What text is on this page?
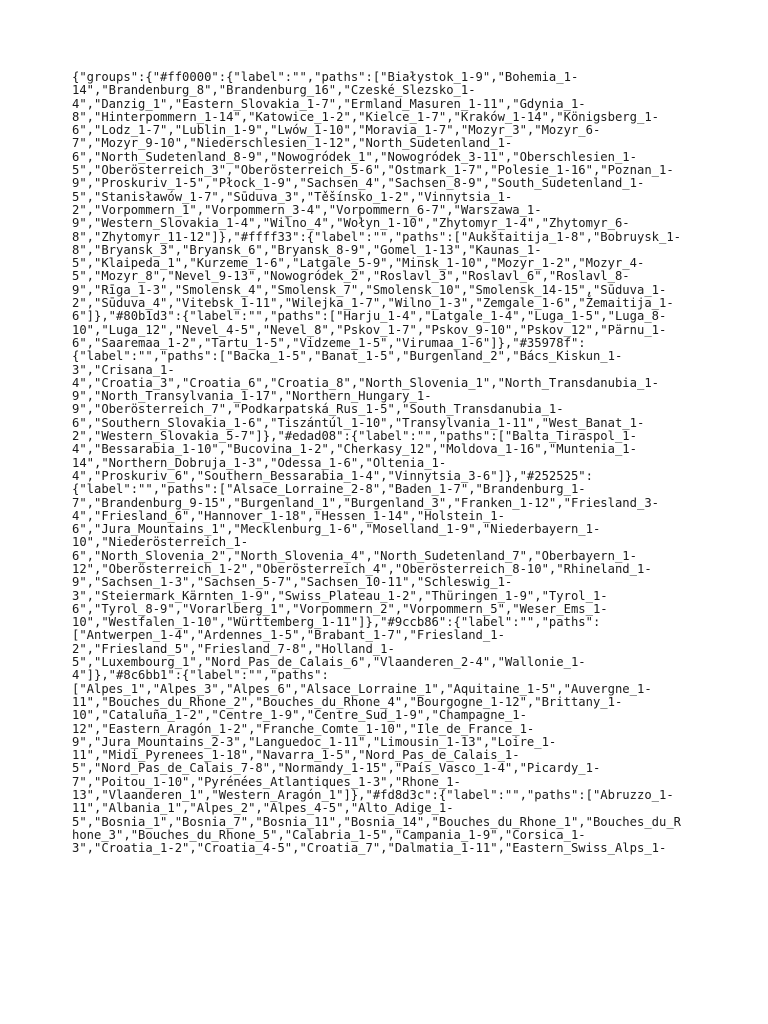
{"groups":{"#ff0000":{"label":"","paths":["Białystok_1-9","Bohemia_1-
14","Brandenburg_8","Brandenburg_16","Czeské_Slezsko_1-
4","Danzig_1","Eastern_Slovakia_1-7","Ermland_Masuren_1-11","Gdynia_1-
8","Hinterpommern_1-14","Katowice_1-2","Kielce_1-7","Kraków_1-14","Königsberg_1-
6","Lodz_1-7","Lublin_1-9","Lwów_1-10","Moravia_1-7","Mozyr_3","Mozyr_6-
7","Mozyr_9-10","Niederschlesien_1-12","North_Sudetenland_1-
6","North_Sudetenland_8-9","Nowogródek_1","Nowogródek_3-11","Oberschlesien_1-
5","Oberösterreich_3","Oberösterreich_5-6","Ostmark_1-7","Polesie_1-16","Poznan_1-
9","Proskuriv_1-5","Płock_1-9","Sachsen_4","Sachsen_8-9","South_Sudetenland_1-
5","Stanisławów_1-7","Sūduva_3","Těšínsko_1-2","Vinnytsia_1-
2","Vorpommern_1","Vorpommern_3-4","Vorpommern_6-7","Warszawa_1-
9","Western_Slovakia_1-4","Wilno_4","Wołyn_1-10","Zhytomyr_1-4","Zhytomyr_6-
8","Zhytomyr_11-12"]},"#ffff33":{"label":"","paths":["Aukštaitija_1-8","Bobruysk_1-
8","Bryansk_3","Bryansk_6","Bryansk_8-9","Gomel_1-13","Kaunas_1-
5","Klaipeda_1","Kurzeme_1-6","Latgale_5-9","Minsk_1-10","Mozyr_1-2","Mozyr_4-
5","Mozyr_8","Nevel_9-13","Nowogródek_2","Roslavl_3","Roslavl_6","Roslavl_8-
9","Rīga_1-3","Smolensk_4","Smolensk_7","Smolensk_10","Smolensk_14-15","Sūduva_1-
2","Sūduva_4","Vitebsk_1-11","Wilejka_1-7","Wilno_1-3","Zemgale_1-6","Žemaitija_1-
6"]},"#80b1d3":{"label":"","paths":["Harju_1-4","Latgale_1-4","Luga_1-5","Luga_8-
10","Luga_12","Nevel_4-5","Nevel_8","Pskov_1-7","Pskov_9-10","Pskov_12","Pärnu_1-
6","Saaremaa_1-2","Tartu_1-5","Vidzeme_1-5","Virumaa_1-6"]},"#35978f":
{"label":"","paths":["Backa_1-5","Banat_1-5","Burgenland_2","Bács_Kiskun_1-
3","Crisana_1-
4","Croatia_3","Croatia_6","Croatia_8","North_Slovenia_1","North_Transdanubia_1-
9","North_Transylvania_1-17","Northern_Hungary_1-
9","Oberösterreich_7","Podkarpatská_Rus_1-5","South_Transdanubia_1-
6","Southern_Slovakia_1-6","Tiszántúl_1-10","Transylvania_1-11","West_Banat_1-
2","Western_Slovakia_5-7"]},"#edad08":{"label":"","paths":["Balta_Tiraspol_1-
4","Bessarabia_1-10","Bucovina_1-2","Cherkasy_12","Moldova_1-16","Muntenia_1-
14","Northern_Dobruja_1-3","Odessa_1-6","Oltenia_1-
4","Proskuriv_6","Southern_Bessarabia_1-4","Vinnytsia_3-6"]},"#252525":
{"label":"","paths":["Alsace_Lorraine_2-8","Baden_1-7","Brandenburg_1-
7","Brandenburg_9-15","Burgenland_1","Burgenland_3","Franken_1-12","Friesland_3-
4","Friesland_6","Hannover_1-18","Hessen_1-14","Holstein_1-
6","Jura_Mountains_1","Mecklenburg_1-6","Moselland_1-9","Niederbayern_1-
10","Niederösterreich_1-
6","North_Slovenia_2","North_Slovenia_4","North_Sudetenland_7","Oberbayern_1-
12","Oberösterreich_1-2","Oberösterreich_4","Oberösterreich_8-10","Rhineland_1-
9","Sachsen_1-3","Sachsen_5-7","Sachsen_10-11","Schleswig_1-
3","Steiermark_Kärnten_1-9","Swiss_Plateau_1-2","Thüringen_1-9","Tyrol_1-
6","Tyrol_8-9","Vorarlberg_1","Vorpommern_2","Vorpommern_5","Weser_Ems_1-
10","Westfalen_1-10","Württemberg_1-11"]},"#9ccb86":{"label":"","paths":
["Antwerpen_1-4","Ardennes_1-5","Brabant_1-7","Friesland_1-
2","Friesland_5","Friesland_7-8","Holland_1-
5","Luxembourg_1","Nord_Pas_de_Calais_6","Vlaanderen_2-4","Wallonie_1-
4"]},"#8c6bb1":{"label":"","paths":
["Alpes_1","Alpes_3","Alpes_6","Alsace_Lorraine_1","Aquitaine_1-5","Auvergne_1-
11","Bouches_du_Rhone_2","Bouches_du_Rhone_4","Bourgogne_1-12","Brittany_1-
10","Cataluña_1-2","Centre_1-9","Centre_Sud_1-9","Champagne_1-
12","Eastern_Aragón_1-2","Franche_Comte_1-10","Ile_de_France_1-
9","Jura_Mountains_2-3","Languedoc_1-11","Limousin_1-13","Loire_1-
11","Midi_Pyrenees_1-18","Navarra_1-5","Nord_Pas_de_Calais_1-
5","Nord_Pas_de_Calais_7-8","Normandy_1-15","País_Vasco_1-4","Picardy_1-
7","Poitou_1-10","Pyrénées_Atlantiques_1-3","Rhone_1-
13","Vlaanderen_1","Western_Aragón_1"]},"#fd8d3c":{"label":"","paths":["Abruzzo_1-
11","Albania_1","Alpes_2","Alpes_4-5","Alto_Adige_1-
5","Bosnia_1","Bosnia_7","Bosnia_11","Bosnia_14","Bouches_du_Rhone_1","Bouches_du_R
hone_3","Bouches_du_Rhone_5","Calabria_1-5","Campania_1-9","Corsica_1-
3","Croatia_1-2","Croatia_4-5","Croatia_7","Dalmatia_1-11","Eastern_Swiss_Alps_1-
